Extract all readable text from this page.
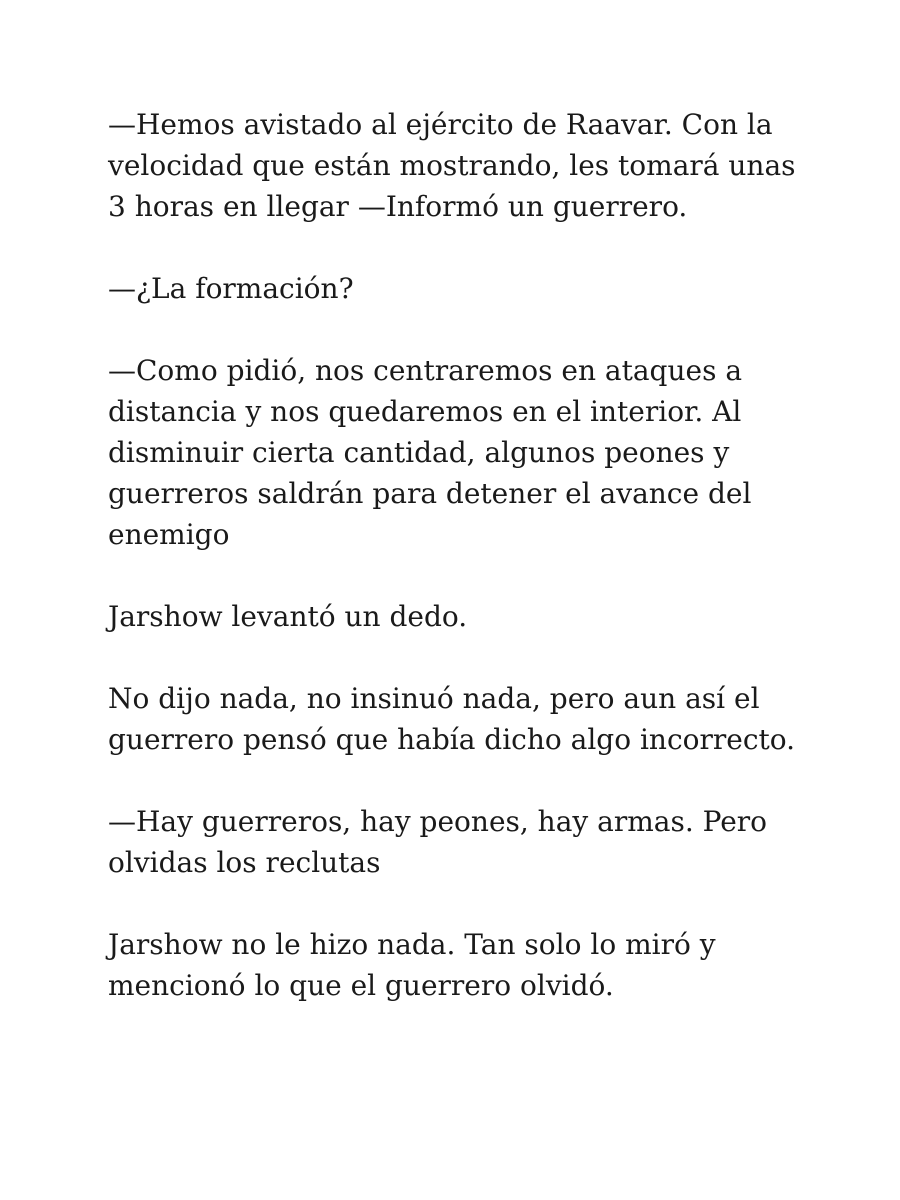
—Hemos avistado al ejército de Raavar. Con la
velocidad que están mostrando, les tomará unas
3 horas en llegar —Informó un guerrero.

—¿La formación?

—Como pidió, nos centraremos en ataques a
distancia y nos quedaremos en el interior. Al
disminuir cierta cantidad, algunos peones y
guerreros saldrán para detener el avance del
enemigo

Jarshow levantó un dedo.

No dijo nada, no insinuó nada, pero aun así el
guerrero pensó que había dicho algo incorrecto.

—Hay guerreros, hay peones, hay armas. Pero
olvidas los reclutas

Jarshow no le hizo nada. Tan solo lo miró y
mencionó lo que el guerrero olvidó.
